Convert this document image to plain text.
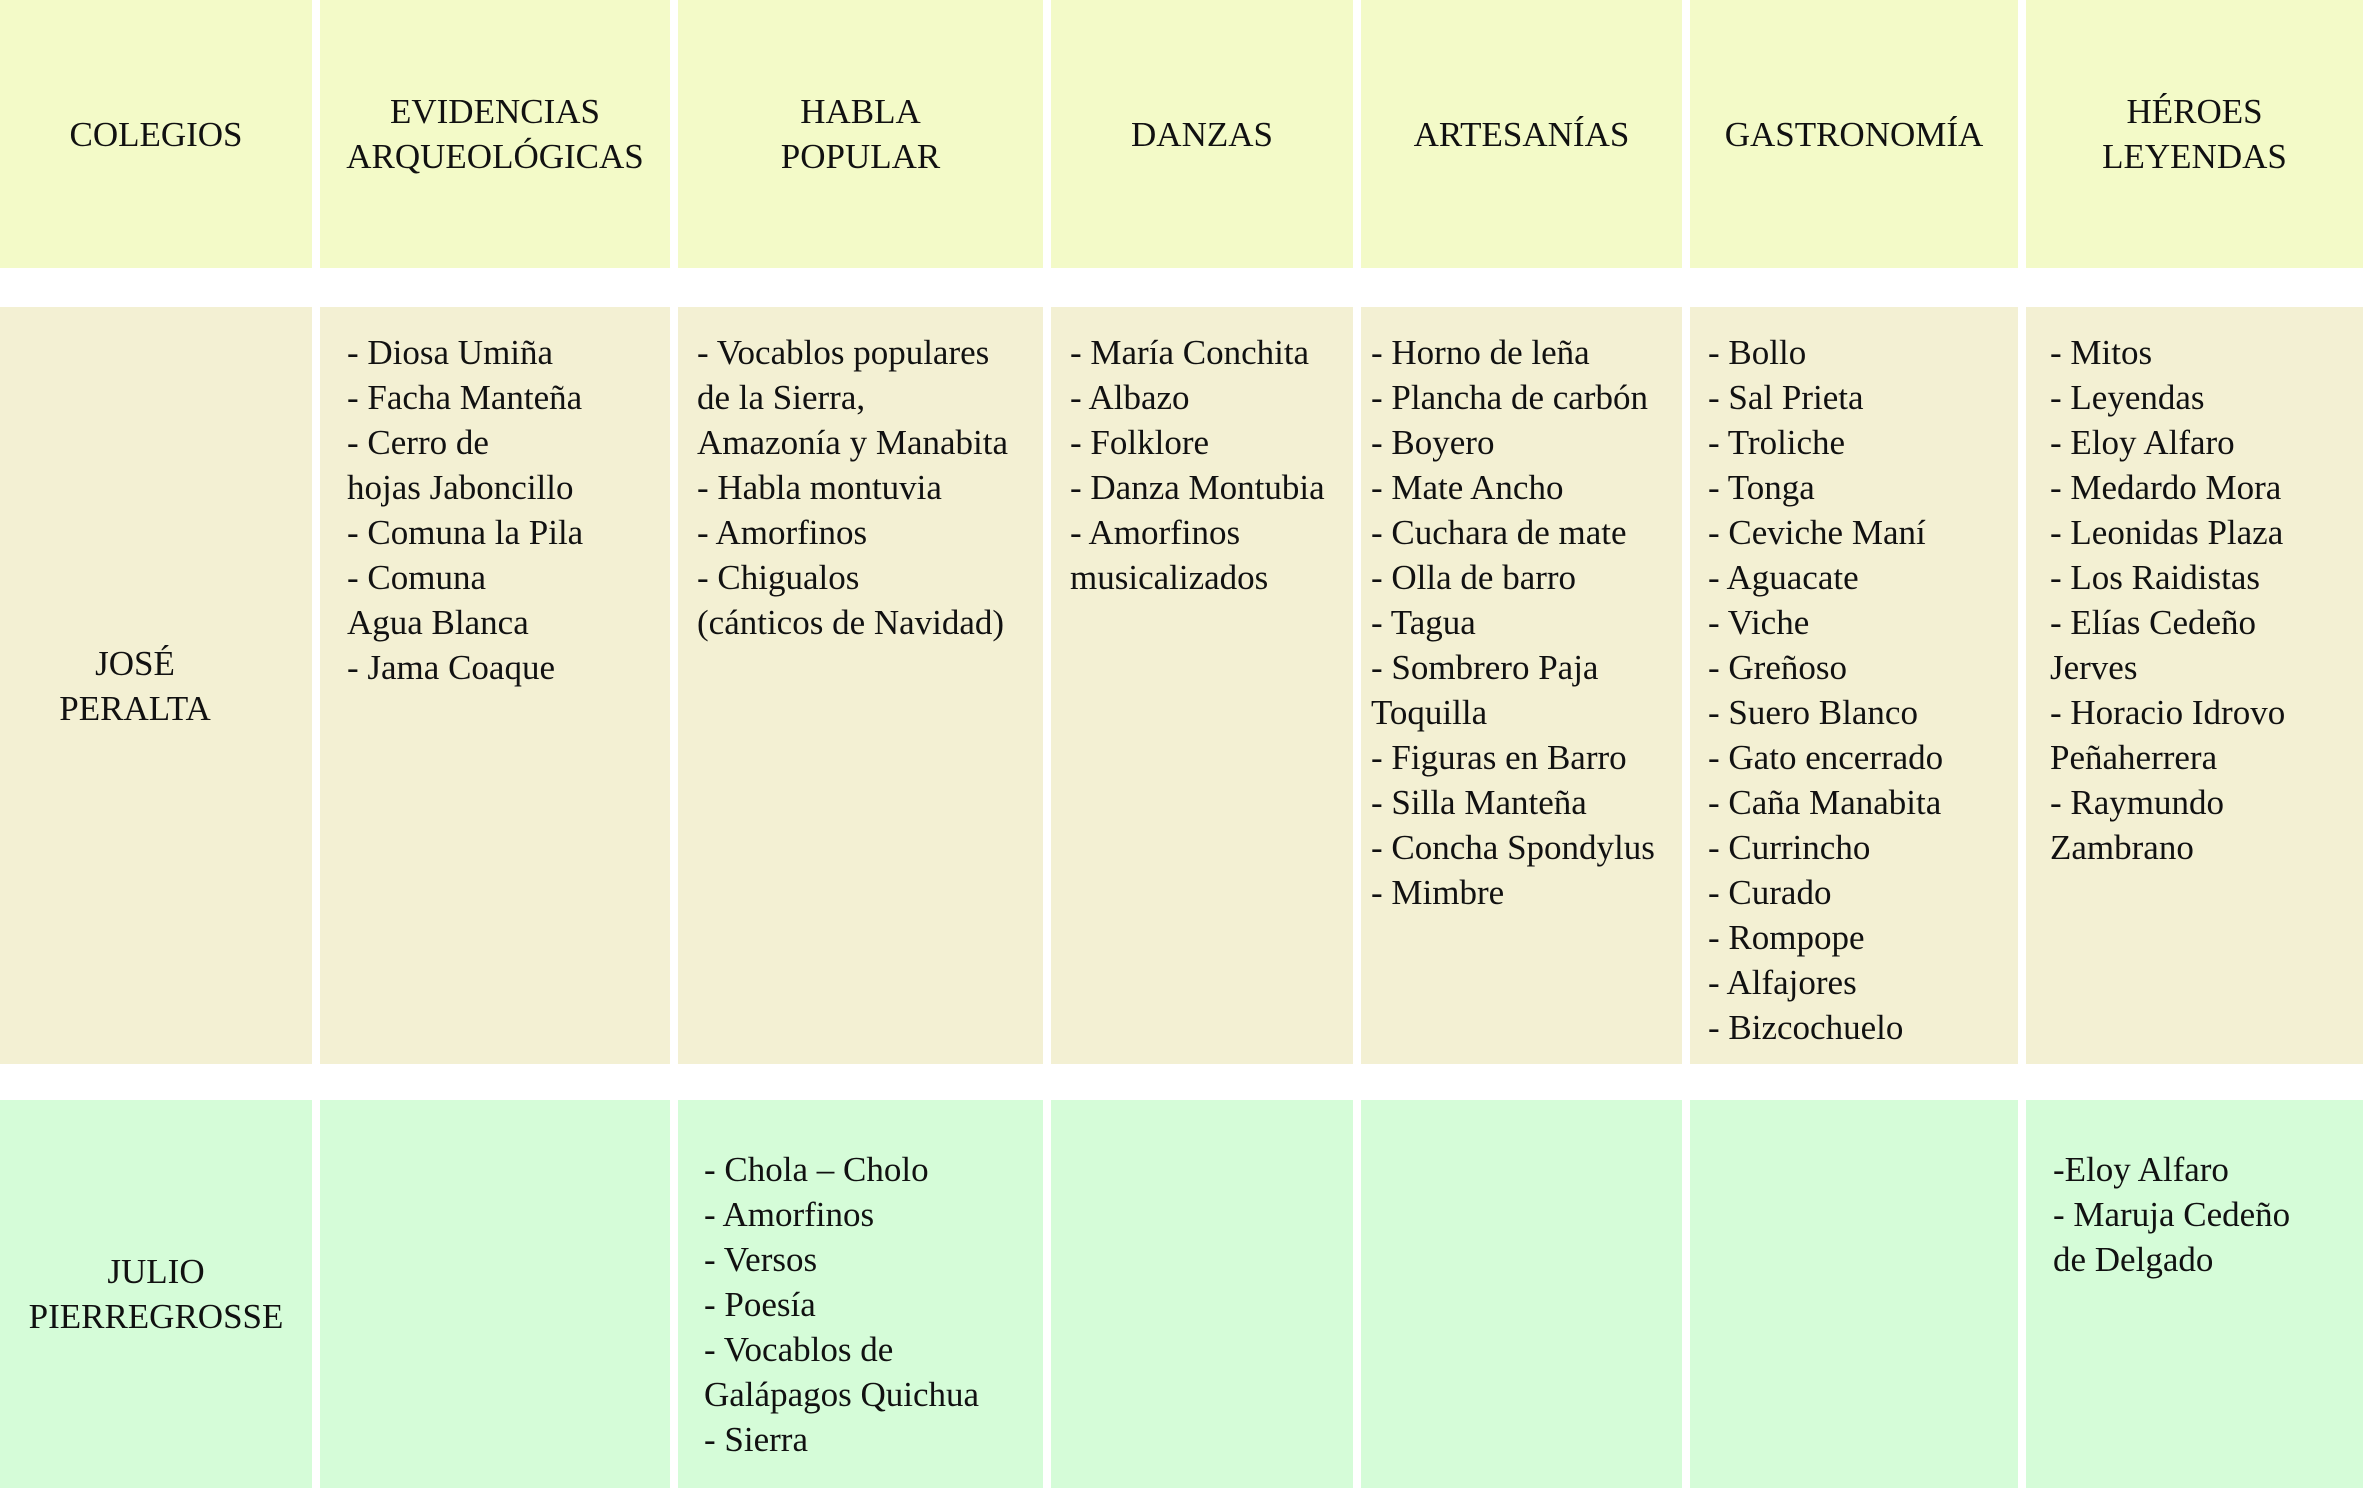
COLEGIOS
EVIDENCIAS
ARQUEOLÓGICAS
HABLA
POPULAR
DANZAS	ARTESANÍAS	GASTRONOMÍA
HÉROES
LEYENDAS
JOSÉ
PERALTA
- Diosa Umiña
- Facha Manteña
- Cerro de
hojas Jaboncillo
- Comuna la Pila
- Comuna
Agua Blanca
- Jama Coaque
- Vocablos populares
de la Sierra,
Amazonía y Manabita
- Habla montuvia
- Amorfinos
- Chigualos
(cánticos de Navidad)
- María Conchita
- Albazo
- Folklore
- Danza Montubia
- Amorfinos
musicalizados
- Horno de leña
- Plancha de carbón
- Boyero
- Mate Ancho
- Cuchara de mate
- Olla de barro
- Tagua
- Sombrero Paja
Toquilla
- Figuras en Barro
- Silla Manteña
- Concha Spondylus
- Mimbre
- Bollo
- Sal Prieta
- Troliche
- Tonga
- Ceviche Maní
- Aguacate
- Viche
- Greñoso
- Suero Blanco
- Gato encerrado
- Caña Manabita
- Currincho
- Curado
- Rompope
- Alfajores
- Bizcochuelo
- Mitos
- Leyendas
- Eloy Alfaro
- Medardo Mora
- Leonidas Plaza
- Los Raidistas
- Elías Cedeño
Jerves
- Horacio Idrovo
Peñaherrera
- Raymundo
Zambrano
JULIO
PIERREGROSSE
- Chola – Cholo
- Amorfinos
- Versos
- Poesía
- Vocablos de
Galápagos Quichua
- Sierra
-Eloy Alfaro
- Maruja Cedeño
de Delgado
